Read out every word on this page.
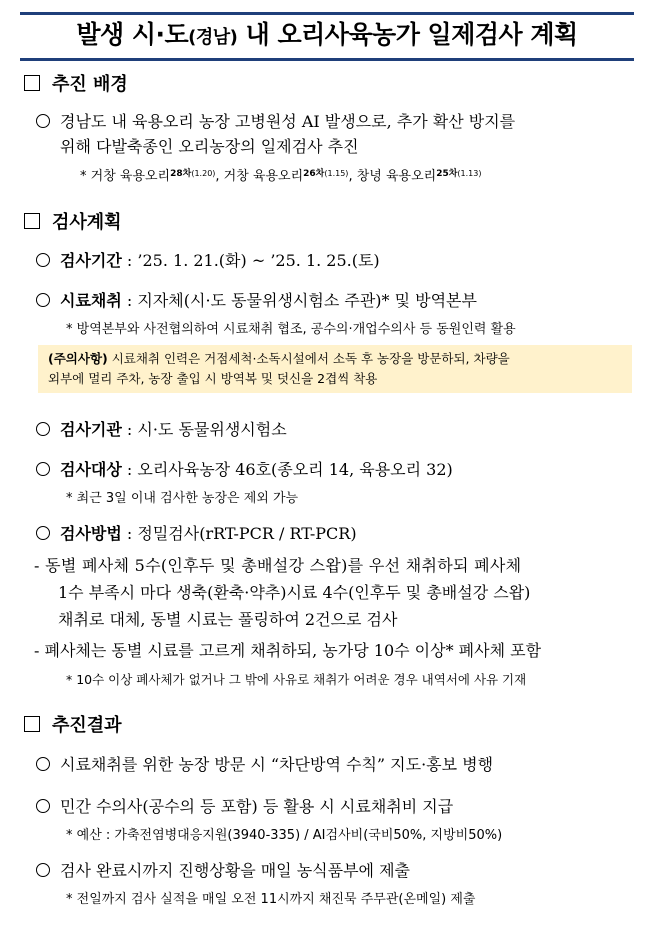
발생 시·도(경남) 내 오리사육농가 일제검사 계획
추진 배경
경남도 내 육용오리 농장 고병원성 AI 발생으로, 추가 확산 방지를
위해 다발축종인 오리농장의 일제검사 추진
* 거창 육용오리$^{28차(1.20)}$, 거창 육용오리$^{26차(1.15)}$, 창녕 육용오리$^{25차(1.13)}$
검사계획
검사기간 : ’25. 1. 21.(화) ~ ’25. 1. 25.(토)
시료채취 : 지자체(시·도 동물위생시험소 주관)* 및 방역본부
* 방역본부와 사전협의하여 시료채취 협조, 공수의·개업수의사 등 동원인력 활용
(주의사항) 시료채취 인력은 거점세척·소독시설에서 소독 후 농장을 방문하되, 차량을
외부에 멀리 주차, 농장 출입 시 방역복 및 덧신을 2겹씩 착용
검사기관 : 시·도 동물위생시험소
검사대상 : 오리사육농장 46호(종오리 14, 육용오리 32)
* 최근 3일 이내 검사한 농장은 제외 가능
검사방법 : 정밀검사(rRT-PCR / RT-PCR)
- 동별 폐사체 5수(인후두 및 총배설강 스왑)를 우선 채취하되 폐사체
1수 부족시 마다 생축(환축·약추)시료 4수(인후두 및 총배설강 스왑)
채취로 대체, 동별 시료는 풀링하여 2건으로 검사
- 폐사체는 동별 시료를 고르게 채취하되, 농가당 10수 이상* 폐사체 포함
* 10수 이상 폐사체가 없거나 그 밖에 사유로 채취가 어려운 경우 내역서에 사유 기재
추진결과
시료채취를 위한 농장 방문 시 “차단방역 수칙” 지도·홍보 병행
민간 수의사(공수의 등 포함) 등 활용 시 시료채취비 지급
* 예산 : 가축전염병대응지원(3940-335) / AI검사비(국비50%, 지방비50%)
검사 완료시까지 진행상황을 매일 농식품부에 제출
* 전일까지 검사 실적을 매일 오전 11시까지 채진묵 주무관(온메일) 제출
